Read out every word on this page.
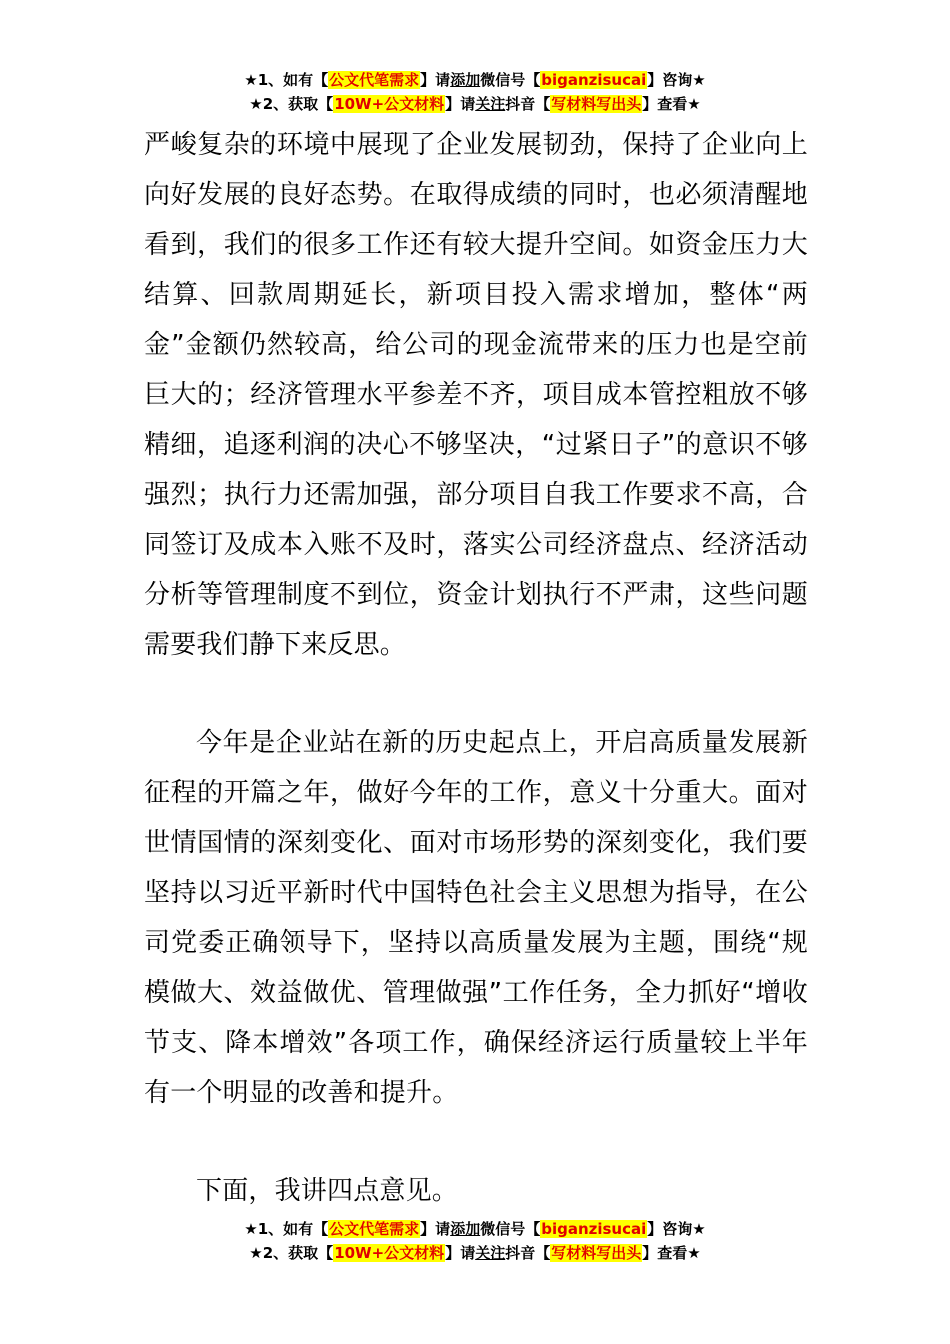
★1、如有【公文代笔需求】请添加微信号【biganzisucai】咨询★
★2、获取【10W+公文材料】请关注抖音【写材料写出头】查看★
严峻复杂的环境中展现了企业发展韧劲，保持了企业向上向好发展的良好态势。在取得成绩的同时，也必须清醒地看到，我们的很多工作还有较大提升空间。如资金压力大结算、回款周期延长，新项目投入需求增加，整体“两金”金额仍然较高，给公司的现金流带来的压力也是空前巨大的；经济管理水平参差不齐，项目成本管控粗放不够精细，追逐利润的决心不够坚决，“过紧日子”的意识不够强烈；执行力还需加强，部分项目自我工作要求不高，合同签订及成本入账不及时，落实公司经济盘点、经济活动分析等管理制度不到位，资金计划执行不严肃，这些问题需要我们静下来反思。
今年是企业站在新的历史起点上，开启高质量发展新征程的开篇之年，做好今年的工作，意义十分重大。面对世情国情的深刻变化、面对市场形势的深刻变化，我们要坚持以习近平新时代中国特色社会主义思想为指导，在公司党委正确领导下，坚持以高质量发展为主题，围绕“规模做大、效益做优、管理做强”工作任务，全力抓好“增收节支、降本增效”各项工作，确保经济运行质量较上半年有一个明显的改善和提升。
下面，我讲四点意见。
★1、如有【公文代笔需求】请添加微信号【biganzisucai】咨询★
★2、获取【10W+公文材料】请关注抖音【写材料写出头】查看★
